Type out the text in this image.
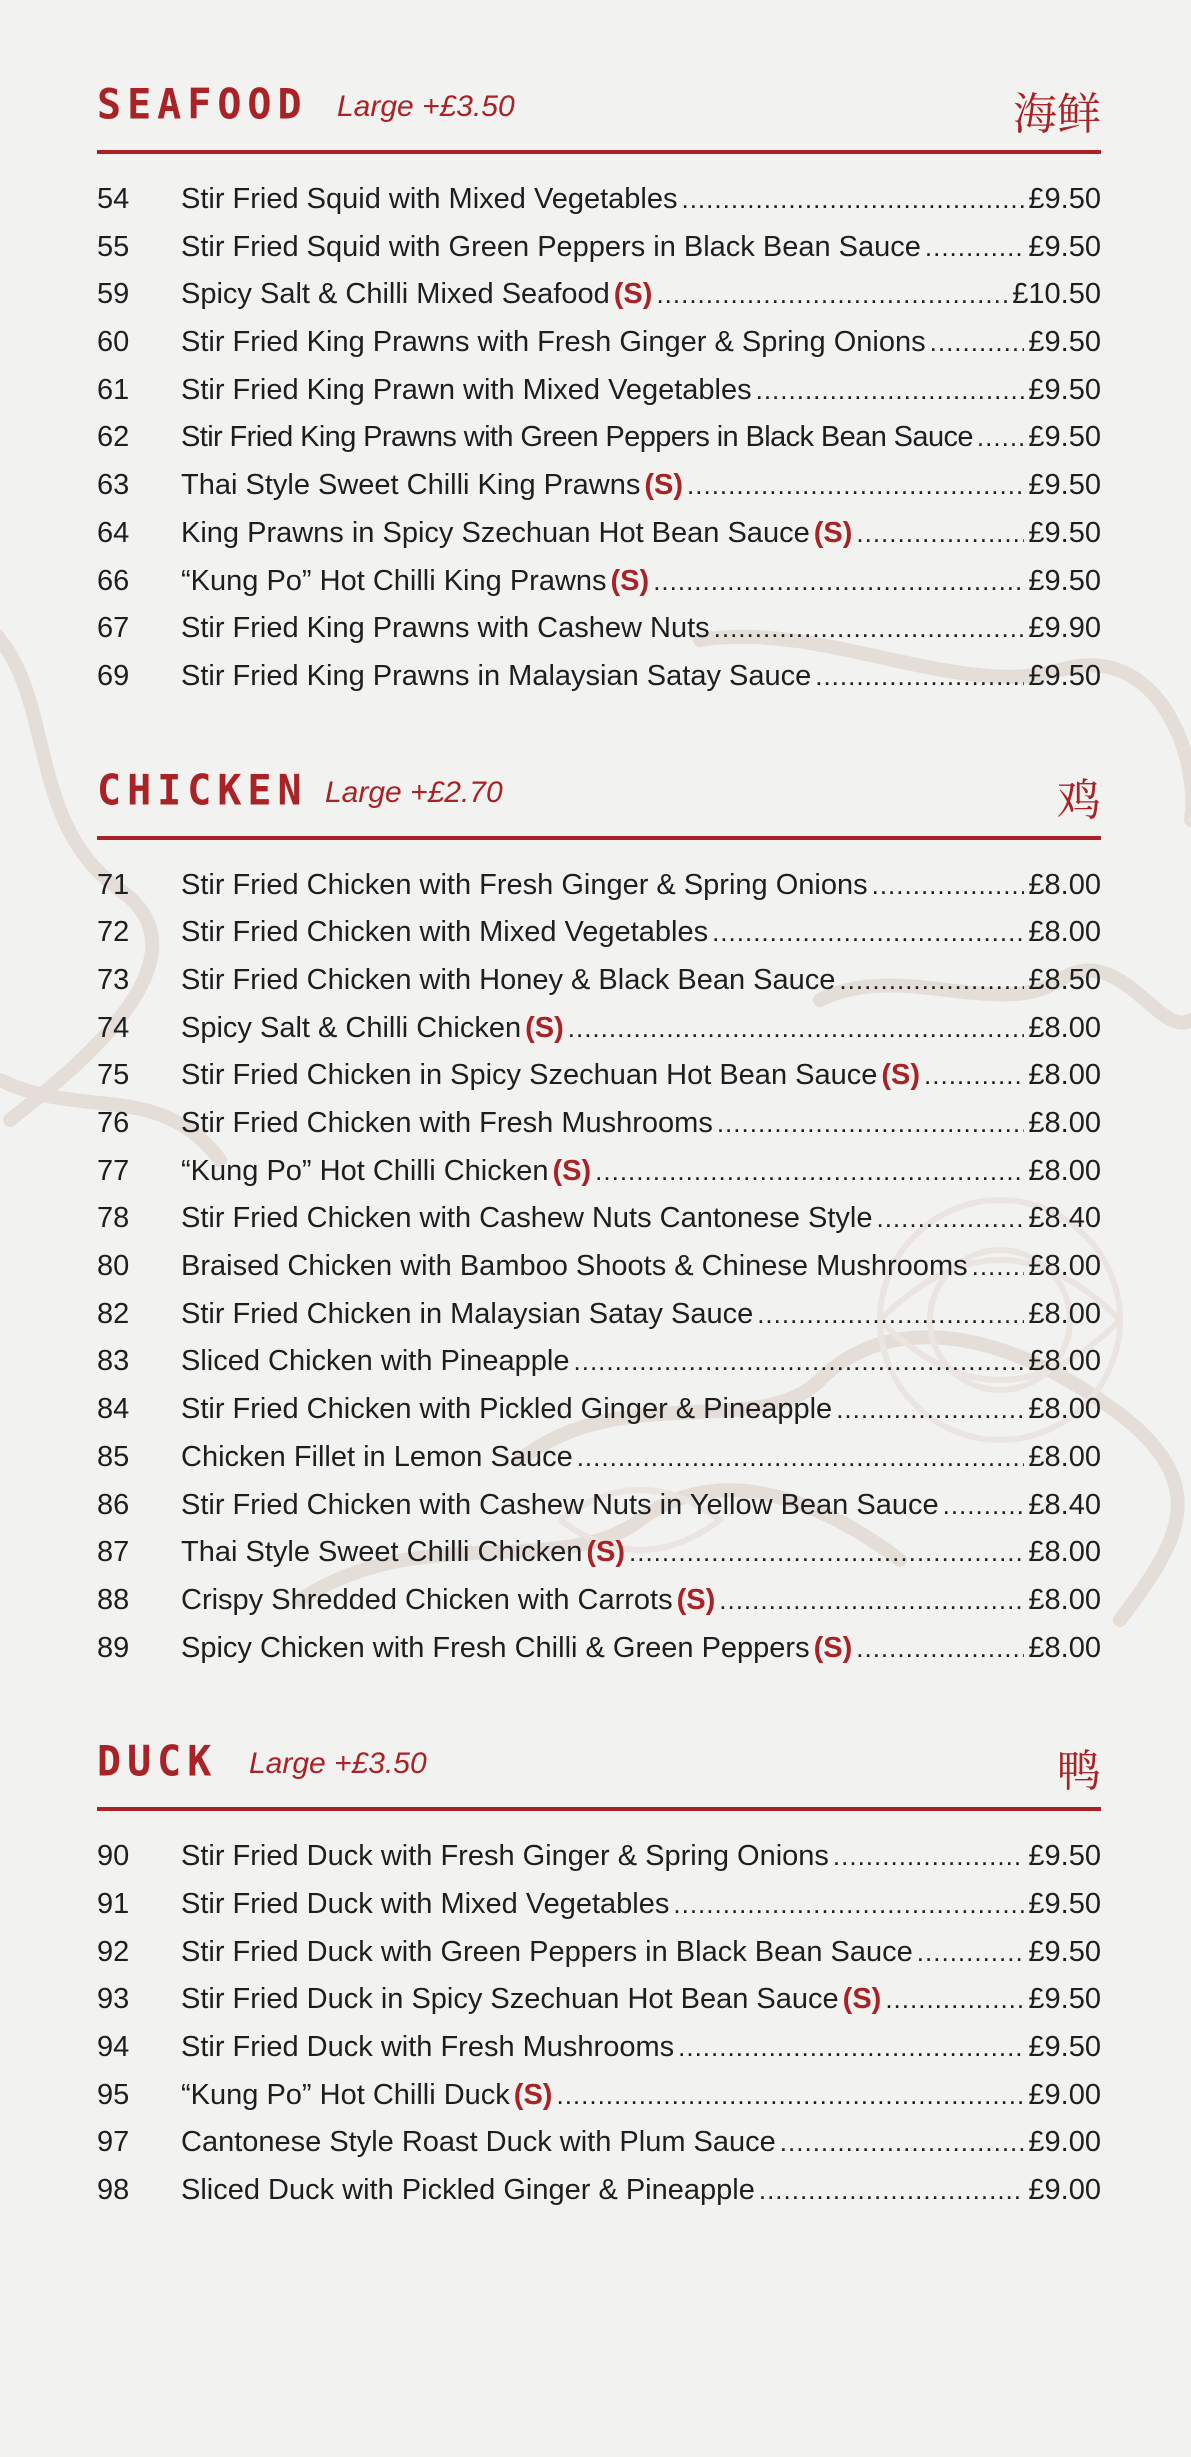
SEAFOOD Large +£3.50	海鲜
54	Stir Fried Squid with Mixed Vegetables .....	£9.50
55	Stir Fried Squid with Green Peppers in Black Bean Sauce .....	£9.50
59	Spicy Salt & Chilli Mixed Seafood (S) .....	£10.50
60	Stir Fried King Prawns with Fresh Ginger & Spring Onions .....	£9.50
61	Stir Fried King Prawn with Mixed Vegetables .....	£9.50
62	Stir Fried King Prawns with Green Peppers in Black Bean Sauce ..... £9.50
63	Thai Style Sweet Chilli King Prawns (S) .....	£9.50
64	King Prawns in Spicy Szechuan Hot Bean Sauce (S) .....	£9.50
66	“Kung Po” Hot Chilli King Prawns (S) .....	£9.50
67	Stir Fried King Prawns with Cashew Nuts .....	£9.90
69	Stir Fried King Prawns in Malaysian Satay Sauce .....	£9.50
CHICKEN Large +£2.70	鸡
71	Stir Fried Chicken with Fresh Ginger & Spring Onions .....	£8.00
72	Stir Fried Chicken with Mixed Vegetables .....	£8.00
73	Stir Fried Chicken with Honey & Black Bean Sauce .....	£8.50
74	Spicy Salt & Chilli Chicken (S) .....	£8.00
75	Stir Fried Chicken in Spicy Szechuan Hot Bean Sauce (S) .....	£8.00
76	Stir Fried Chicken with Fresh Mushrooms .....	£8.00
77	“Kung Po” Hot Chilli Chicken (S) .....	£8.00
78	Stir Fried Chicken with Cashew Nuts Cantonese Style .....	£8.40
80	Braised Chicken with Bamboo Shoots & Chinese Mushrooms ..... £8.00
82	Stir Fried Chicken in Malaysian Satay Sauce .....	£8.00
83	Sliced Chicken with Pineapple .....	£8.00
84	Stir Fried Chicken with Pickled Ginger & Pineapple .....	£8.00
85	Chicken Fillet in Lemon Sauce .....	£8.00
86	Stir Fried Chicken with Cashew Nuts in Yellow Bean Sauce .....	£8.40
87	Thai Style Sweet Chilli Chicken (S) .....	£8.00
88	Crispy Shredded Chicken with Carrots (S) .....	£8.00
89	Spicy Chicken with Fresh Chilli & Green Peppers (S) .....	£8.00
DUCK Large +£3.50	鸭
90	Stir Fried Duck with Fresh Ginger & Spring Onions .....	£9.50
91	Stir Fried Duck with Mixed Vegetables .....	£9.50
92	Stir Fried Duck with Green Peppers in Black Bean Sauce .....	£9.50
93	Stir Fried Duck in Spicy Szechuan Hot Bean Sauce (S) .....	£9.50
94	Stir Fried Duck with Fresh Mushrooms .....	£9.50
95	“Kung Po” Hot Chilli Duck (S) .....	£9.00
97	Cantonese Style Roast Duck with Plum Sauce .....	£9.00
98	Sliced Duck with Pickled Ginger & Pineapple .....	£9.00
